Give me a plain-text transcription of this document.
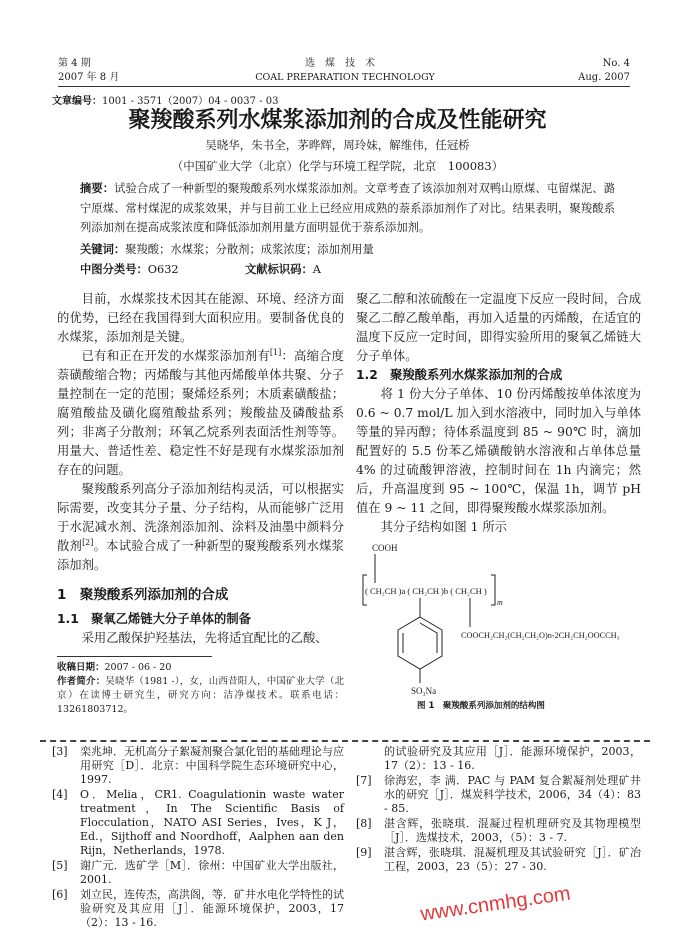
第 4 期
2007 年 8 月
选　煤　技　术
COAL PREPARATION TECHNOLOGY
No. 4
Aug. 2007
文章编号：1001 - 3571（2007）04 - 0037 - 03
聚羧酸系列水煤浆添加剂的合成及性能研究
吴晓华，朱书全，茅晔辉，周玲妹，解维伟，任冠桥
（中国矿业大学（北京）化学与环境工程学院，北京　100083）
摘要：试验合成了一种新型的聚羧酸系列水煤浆添加剂。文章考查了该添加剂对双鸭山原煤、屯留煤泥、潞宁原煤、常村煤泥的成浆效果，并与目前工业上已经应用成熟的萘系添加剂作了对比。结果表明，聚羧酸系列添加剂在提高成浆浓度和降低添加剂用量方面明显优于萘系添加剂。
关键词：聚羧酸；水煤浆；分散剂；成浆浓度；添加剂用量
中图分类号：O632	文献标识码：A
目前，水煤浆技术因其在能源、环境、经济方面的优势，已经在我国得到大面积应用。要制备优良的水煤浆，添加剂是关键。
已有和正在开发的水煤浆添加剂有[1]：高缩合度萘磺酸缩合物；丙烯酸与其他丙烯酸单体共聚、分子量控制在一定的范围；聚烯烃系列；木质素磺酸盐；腐殖酸盐及磺化腐殖酸盐系列；羧酸盐及磷酸盐系列；非离子分散剂；环氧乙烷系列表面活性剂等等。用量大、普适性差、稳定性不好是现有水煤浆添加剂存在的问题。
聚羧酸系列高分子添加剂结构灵活，可以根据实际需要，改变其分子量、分子结构，从而能够广泛用于水泥减水剂、洗涤剂添加剂、涂料及油墨中颜料分散剂[2]。本试验合成了一种新型的聚羧酸系列水煤浆添加剂。
1　聚羧酸系列添加剂的合成
1.1　聚氧乙烯链大分子单体的制备
采用乙酸保护羟基法，先将适宜配比的乙酸、
收稿日期：2007 - 06 - 20
作者简介：吴晓华（1981 -），女，山西昔阳人，中国矿业大学（北京）在读博士研究生，研究方向：洁净煤技术。联系电话：13261803712。
聚乙二醇和浓硫酸在一定温度下反应一段时间，合成聚乙二醇乙酸单酯，再加入适量的丙烯酸，在适宜的温度下反应一定时间，即得实验所用的聚氧乙烯链大分子单体。
1.2　聚羧酸系列水煤浆添加剂的合成
将 1 份大分子单体、10 份丙烯酸按单体浓度为 0.6 ~ 0.7 mol/L 加入到水溶液中，同时加入与单体等量的异丙醇；待体系温度到 85 ~ 90℃ 时，滴加配置好的 5.5 份苯乙烯磺酸钠水溶液和占单体总量 4% 的过硫酸钾溶液，控制时间在 1h 内滴完；然后，升高温度到 95 ~ 100℃，保温 1h，调节 pH 值在 9 ~ 11 之间，即得聚羧酸水煤浆添加剂。
其分子结构如图 1 所示
COOH
( CH₂CH )a ( CH₂CH )b ( CH₂CH )
m
COOCH₂CH₂(CH₂CH₂O)n-2CH₂CH₂OOCCH₃
SO₃Na
图 1　聚羧酸系列添加剂的结构图
[3]	栾兆坤．无机高分子絮凝剂聚合氯化铝的基础理论与应用研究［D］．北京：中国科学院生态环境研究中心，1997.
[4]	O．Melia，CR1. Coagulationin waste water treatment，In The Scientific Basis of Flocculation，NATO ASI Series，Ives，K J，Ed.，Sijthoff and Noordhoff，Aalphen aan den Rijn，Netherlands，1978.
[5]	谢广元．选矿学［M］．徐州：中国矿业大学出版社，2001.
[6]	刘立民，连传杰，高洪阁，等．矿井水电化学特性的试验研究及其应用［J］．能源环境保护，2003，17（2）：13 - 16.
的试验研究及其应用［J］．能源环境保护，2003，17（2）：13 - 16.
[7]	徐海宏，李 满．PAC 与 PAM 复合絮凝剂处理矿井水的研究［J］．煤炭科学技术，2006，34（4）：83 - 85.
[8]	湛含辉，张晓琪．混凝过程机理研究及其物理模型［J］．选煤技术，2003，（5）：3 - 7.
[9]	湛含辉，张晓琪．混凝机理及其试验研究［J］．矿冶工程，2003，23（5）：27 - 30.
www.cnmhg.com
